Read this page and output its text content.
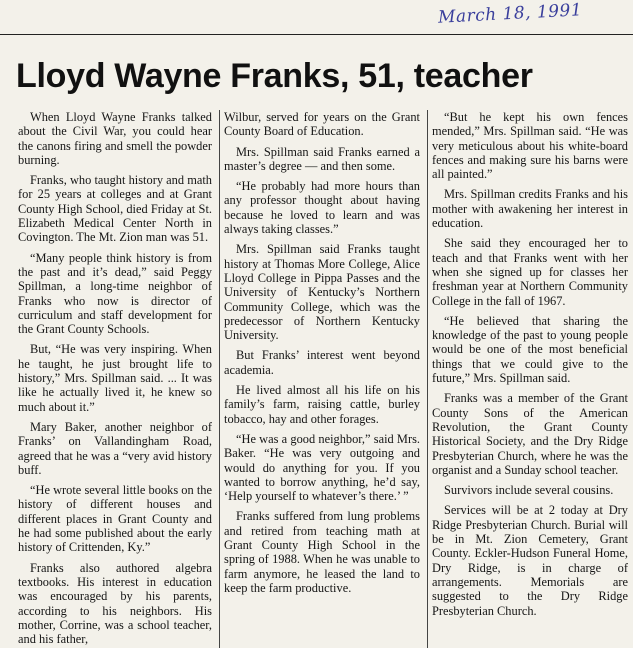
March 18, 1991
Lloyd Wayne Franks, 51, teacher

When Lloyd Wayne Franks talked about the Civil War, you could hear the canons firing and smell the powder burning.

Franks, who taught history and math for 25 years at colleges and at Grant County High School, died Friday at St. Elizabeth Medical Center North in Covington. The Mt. Zion man was 51.

“Many people think history is from the past and it’s dead,” said Peggy Spillman, a long-time neighbor of Franks who now is director of curriculum and staff development for the Grant County Schools.

But, “He was very inspiring. When he taught, he just brought life to history,” Mrs. Spillman said. ... It was like he actually lived it, he knew so much about it.”

Mary Baker, another neighbor of Franks’ on Vallandingham Road, agreed that he was a “very avid history buff.

“He wrote several little books on the history of different houses and different places in Grant County and he had some published about the early history of Crittenden, Ky.”

Franks also authored algebra textbooks. His interest in education was encouraged by his parents, according to his neighbors. His mother, Corrine, was a school teacher, and his father,

Wilbur, served for years on the Grant County Board of Education.

Mrs. Spillman said Franks earned a master’s degree — and then some.

“He probably had more hours than any professor thought about having because he loved to learn and was always taking classes.”

Mrs. Spillman said Franks taught history at Thomas More College, Alice Lloyd College in Pippa Passes and the University of Kentucky’s Northern Community College, which was the predecessor of Northern Kentucky University.

But Franks’ interest went beyond academia.

He lived almost all his life on his family’s farm, raising cattle, burley tobacco, hay and other forages.

“He was a good neighbor,” said Mrs. Baker. “He was very outgoing and would do anything for you. If you wanted to borrow anything, he’d say, ‘Help yourself to whatever’s there.’ ”

Franks suffered from lung problems and retired from teaching math at Grant County High School in the spring of 1988. When he was unable to farm anymore, he leased the land to keep the farm productive.

“But he kept his own fences mended,” Mrs. Spillman said. “He was very meticulous about his white-board fences and making sure his barns were all painted.”

Mrs. Spillman credits Franks and his mother with awakening her interest in education.

She said they encouraged her to teach and that Franks went with her when she signed up for classes her freshman year at Northern Community College in the fall of 1967.

“He believed that sharing the knowledge of the past to young people would be one of the most beneficial things that we could give to the future,” Mrs. Spillman said.

Franks was a member of the Grant County Sons of the American Revolution, the Grant County Historical Society, and the Dry Ridge Presbyterian Church, where he was the organist and a Sunday school teacher.

Survivors include several cousins.

Services will be at 2 today at Dry Ridge Presbyterian Church. Burial will be in Mt. Zion Cemetery, Grant County. Eckler-Hudson Funeral Home, Dry Ridge, is in charge of arrangements. Memorials are suggested to the Dry Ridge Presbyterian Church.
